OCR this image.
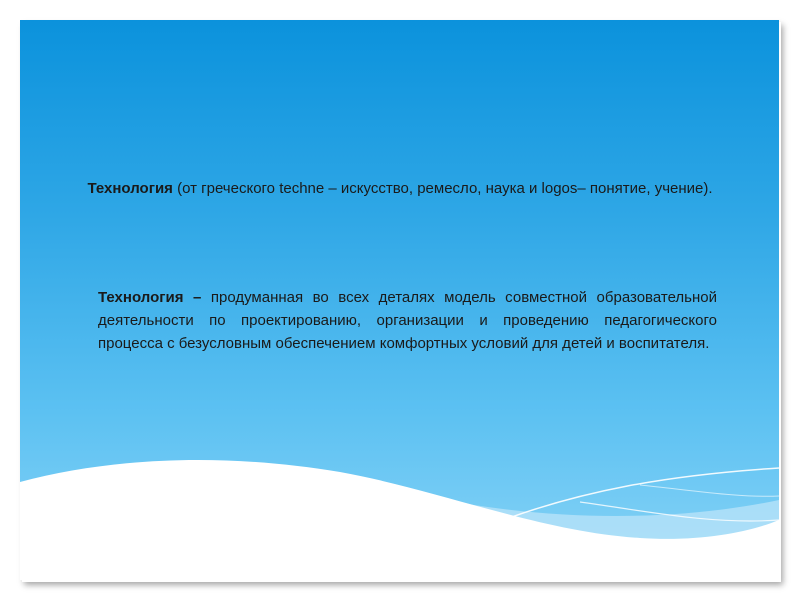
Технология (от греческого techne – искусство, ремесло, наука и logos– понятие, учение).
Технология – продуманная во всех деталях модель совместной образовательной деятельности по проектированию, организации и проведению педагогического процесса с безусловным обеспечением комфортных условий для детей и воспитателя.
